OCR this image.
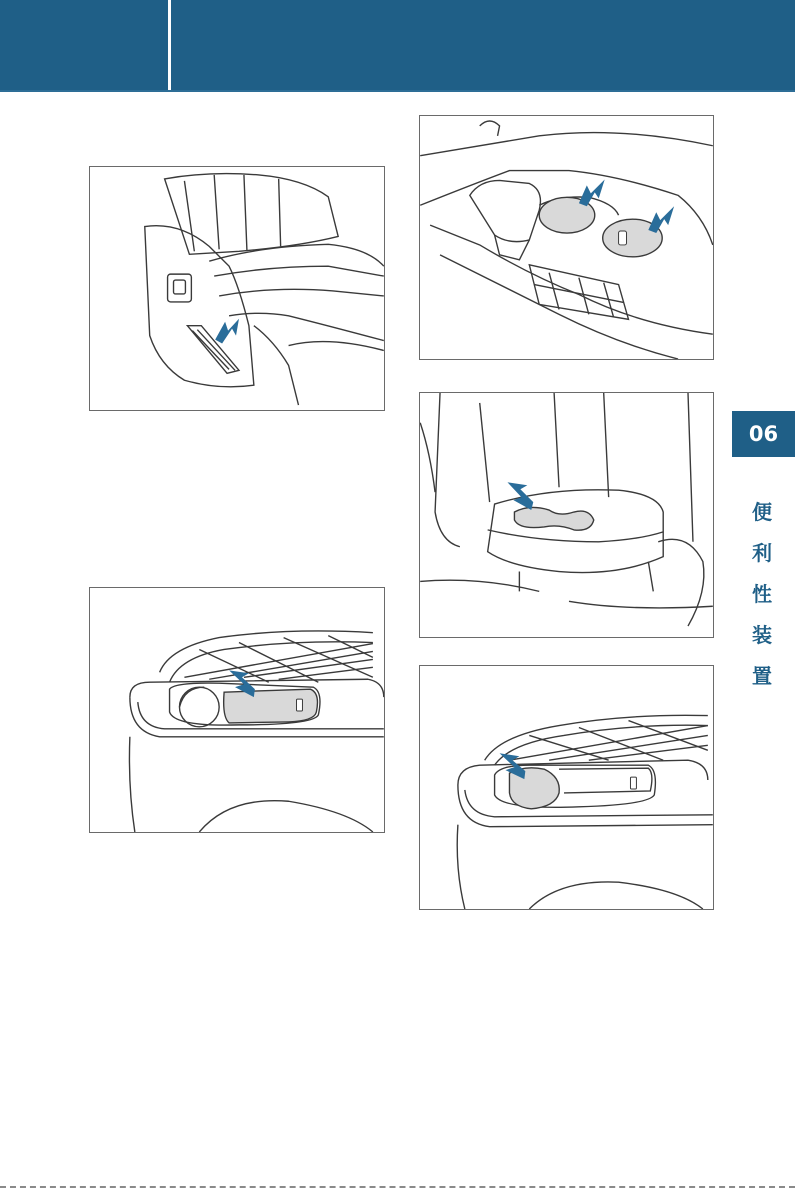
06
便
利
性
装
置
